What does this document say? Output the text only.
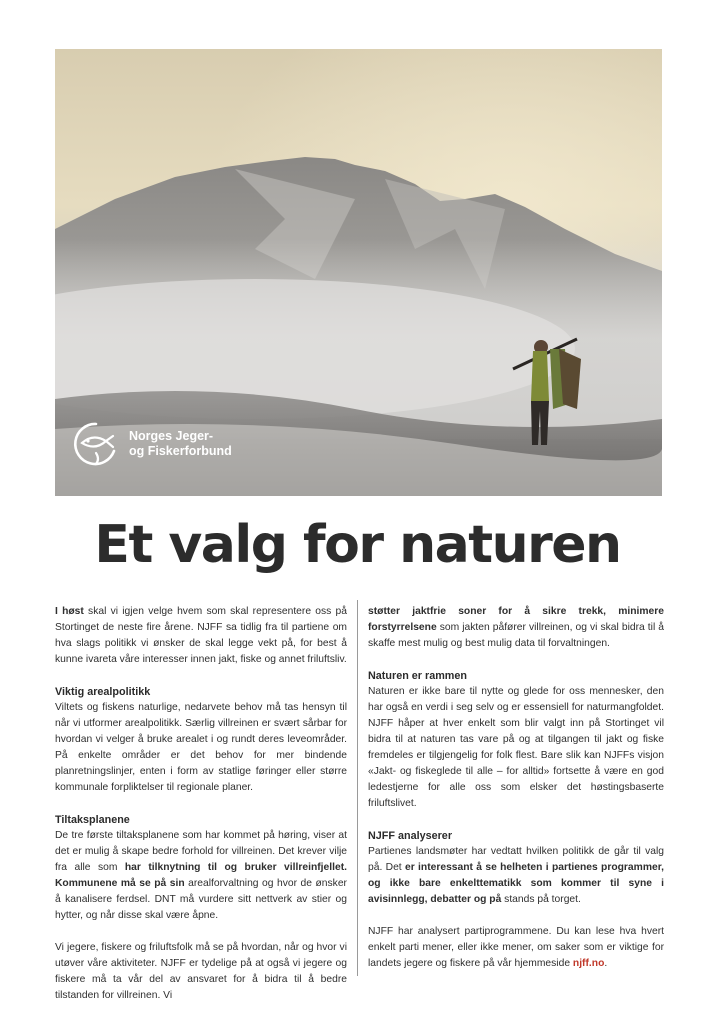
Norges Jeger-
og Fiskerforbund
Et valg for naturen

I høst skal vi igjen velge hvem som skal representere oss på Stortinget de neste fire årene. NJFF sa tidlig fra til partiene om hva slags politikk vi ønsker de skal legge vekt på, for best å kunne ivareta våre interesser innen jakt, fiske og annet friluftsliv.

Viktig arealpolitikk

Viltets og fiskens naturlige, nedarvete behov må tas hensyn til når vi utformer arealpolitikk. Særlig villreinen er svært sårbar for hvordan vi velger å bruke arealet i og rundt deres leveområder. På enkelte områder er det behov for mer bindende planretningslinjer, enten i form av statlige føringer eller større kommunale forpliktelser til regionale planer.

Tiltaksplanene

De tre første tiltaksplanene som har kommet på høring, viser at det er mulig å skape bedre forhold for villreinen. Det krever vilje fra alle som har tilknytning til og bruker villreinfjellet. Kommunene må se på sin arealforvaltning og hvor de ønsker å kanalisere ferdsel. DNT må vurdere sitt nettverk av stier og hytter, og når disse skal være åpne.

Vi jegere, fiskere og friluftsfolk må se på hvordan, når og hvor vi utøver våre aktiviteter. NJFF er tydelige på at også vi jegere og fiskere må ta vår del av ansvaret for å bidra til å bedre tilstanden for villreinen. Vi

støtter jaktfrie soner for å sikre trekk, minimere forstyrrelsene som jakten påfører villreinen, og vi skal bidra til å skaffe mest mulig og best mulig data til forvaltningen.

Naturen er rammen

Naturen er ikke bare til nytte og glede for oss mennesker, den har også en verdi i seg selv og er essensiell for naturmangfoldet. NJFF håper at hver enkelt som blir valgt inn på Stortinget vil bidra til at naturen tas vare på og at tilgangen til jakt og fiske fremdeles er tilgjengelig for folk flest. Bare slik kan NJFFs visjon «Jakt- og fiskeglede til alle – for alltid» fortsette å være en god ledestjerne for alle oss som elsker det høstingsbaserte friluftslivet.

NJFF analyserer

Partienes landsmøter har vedtatt hvilken politikk de går til valg på. Det er interessant å se helheten i partienes programmer, og ikke bare enkelttematikk som kommer til syne i avisinnlegg, debatter og på stands på torget.

NJFF har analysert partiprogrammene. Du kan lese hva hvert enkelt parti mener, eller ikke mener, om saker som er viktige for landets jegere og fiskere på vår hjemmeside njff.no.
